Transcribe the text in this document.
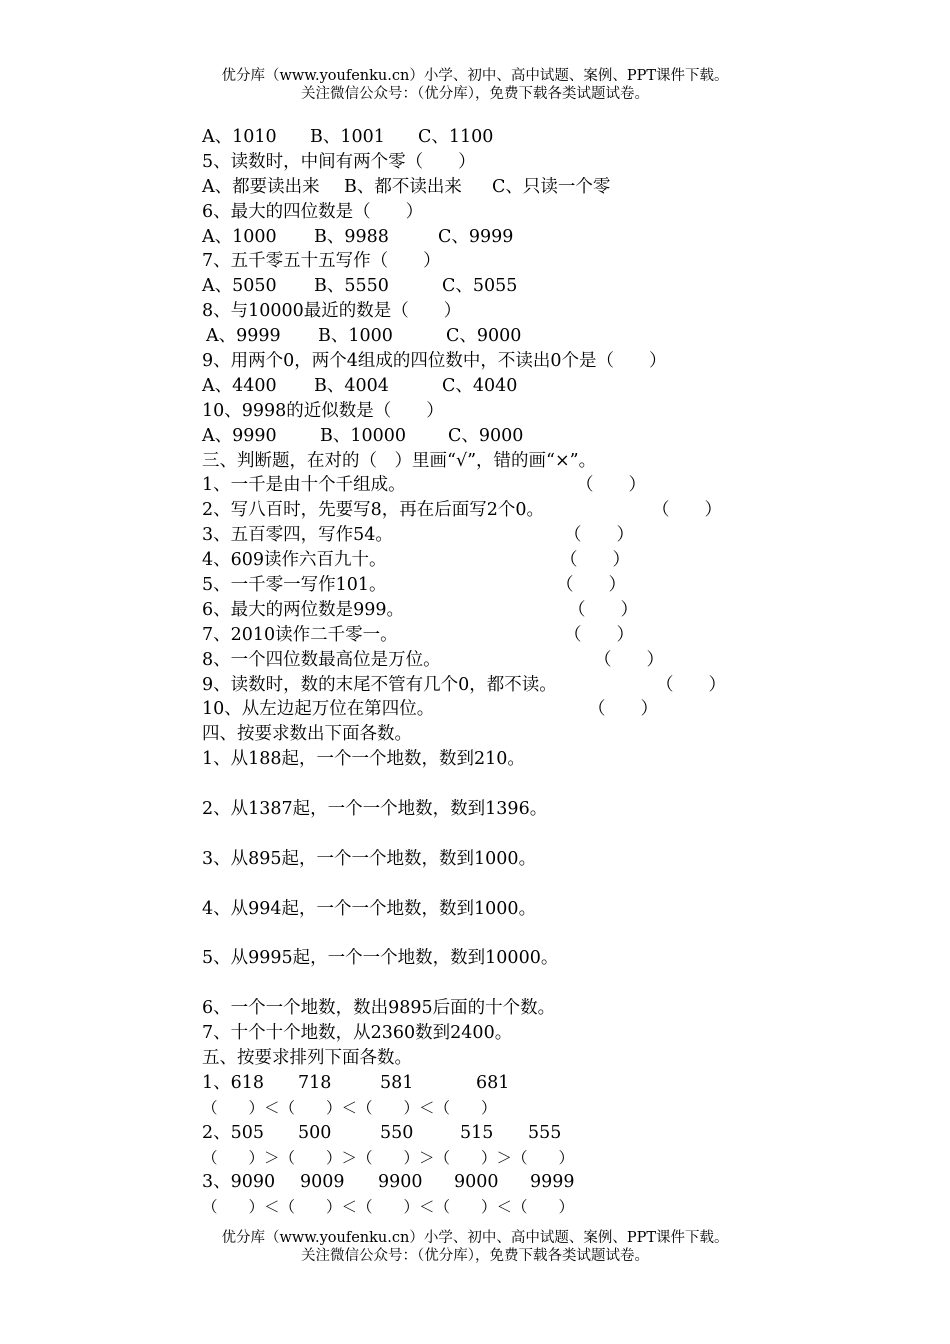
优分库（www.youfenku.cn）小学、初中、高中试题、案例、PPT课件下载。
关注微信公众号：（优分库），免费下载各类试题试卷。
A、1010 B、1001 C、1100
5、读数时，中间有两个零（　　）
A、都要读出来 B、都不读出来 C、只读一个零
6、最大的四位数是（　　）
A、1000 B、9988	C、9999
7、五千零五十五写作（　　）
A、5050 B、5550	C、5055
8、与10000最近的数是（　　）
A、9999 B、1000	C、9000
9、用两个0，两个4组成的四位数中，不读出0个是（　　）
A、4400 B、4004	C、4040
10、9998的近似数是（　　）
A、9990 B、10000 C、9000
三、判断题，在对的（　）里画“√”，错的画“×”。
1、一千是由十个千组成。	（　　）
2、写八百时，先要写8，再在后面写2个0。	（　　）
3、五百零四，写作54。	（　　）
4、609读作六百九十。	（　　）
5、一千零一写作101。	（　　）
6、最大的两位数是999。	（　　）
7、2010读作二千零一。	（　　）
8、一个四位数最高位是万位。	（　　）
9、读数时，数的末尾不管有几个0，都不读。	（　　）
10、从左边起万位在第四位。	（　　）
四、按要求数出下面各数。
1、从188起，一个一个地数，数到210。
2、从1387起，一个一个地数，数到1396。
3、从895起，一个一个地数，数到1000。
4、从994起，一个一个地数，数到1000。
5、从9995起，一个一个地数，数到10000。
6、一个一个地数，数出9895后面的十个数。
7、十个十个地数，从2360数到2400。
五、按要求排列下面各数。
1、618 718	581	681
（　　）＜（　　）＜（　　）＜（　　）
2、505 500	550	515 555
（　　）＞（　　）＞（　　）＞（　　）＞（　　）
3、9090 9009 9900 9000 9999
（　　）＜（　　）＜（　　）＜（　　）＜（　　）
优分库（www.youfenku.cn）小学、初中、高中试题、案例、PPT课件下载。
关注微信公众号：（优分库），免费下载各类试题试卷。
